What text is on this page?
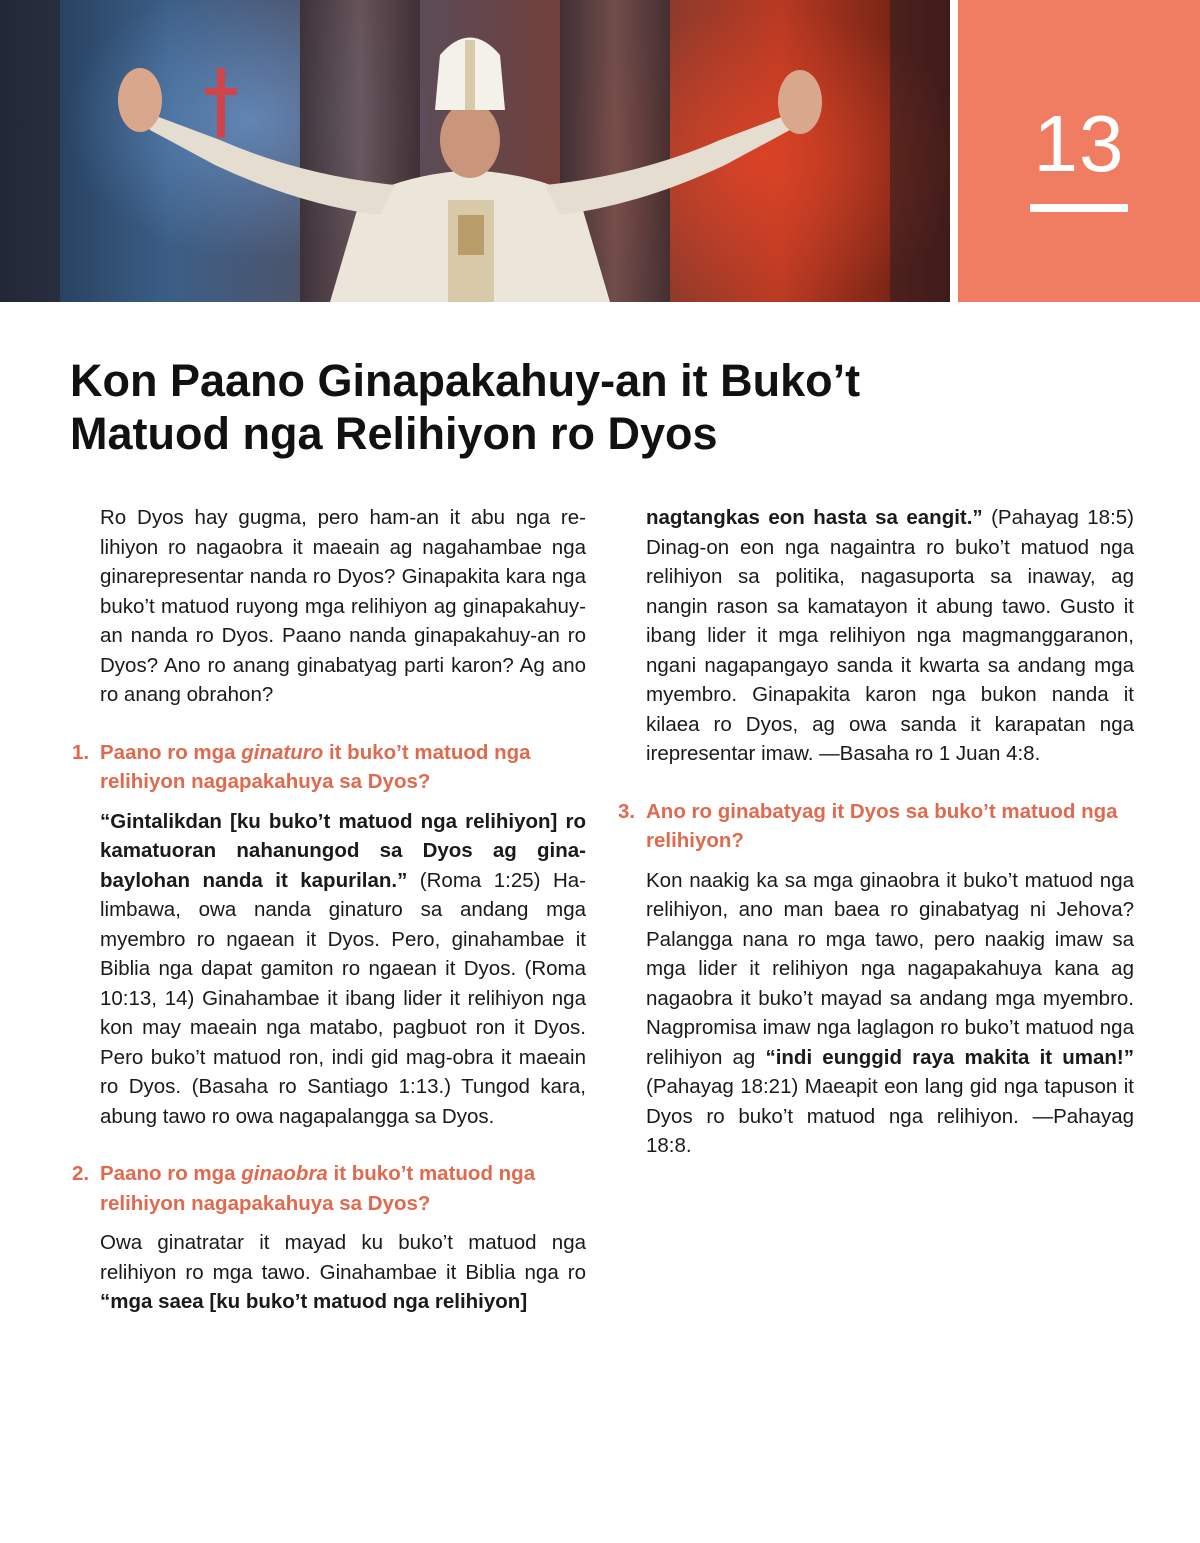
13
Kon Paano Ginapakahuy-an it Buko’t
Matuod nga Relihiyon ro Dyos

Ro Dyos hay gugma, pero ham-an it abu nga relihiyon ro nagaobra it maeain ag nagahambae nga ginarepresentar nanda ro Dyos? Ginapakita kara nga buko’t matuod ruyong mga relihiyon ag ginapakahuy-an nanda ro Dyos. Paano nanda ginapakahuy-an ro Dyos? Ano ro anang ginabatyag parti karon? Ag ano ro anang obrahon?

1. Paano ro mga ginaturo it buko’t matuod nga relihiyon nagapakahuya sa Dyos?

“Gintalikdan [ku buko’t matuod nga relihiyon] ro kamatuoran nahanungod sa Dyos ag ginabaylohan nanda it kapurilan.” (Roma 1:25) Halimbawa, owa nanda ginaturo sa andang mga myembro ro ngaean it Dyos. Pero, ginahambae it Biblia nga dapat gamiton ro ngaean it Dyos. (Roma 10:13, 14) Ginahambae it ibang lider it relihiyon nga kon may maeain nga matabo, pagbuot ron it Dyos. Pero buko’t matuod ron, indi gid mag-obra it maeain ro Dyos. (Basaha ro Santiago 1:13.) Tungod kara, abung tawo ro owa nagapalangga sa Dyos.

2. Paano ro mga ginaobra it buko’t matuod nga relihiyon nagapakahuya sa Dyos?

Owa ginatratar it mayad ku buko’t matuod nga relihiyon ro mga tawo. Ginahambae it Biblia nga ro “mga saea [ku buko’t matuod nga relihiyon]

nagtangkas eon hasta sa eangit.” (Pahayag 18:5) Dinag-on eon nga nagaintra ro buko’t matuod nga relihiyon sa politika, nagasuporta sa inaway, ag nangin rason sa kamatayon it abung tawo. Gusto it ibang lider it mga relihiyon nga magmanggaranon, ngani nagapangayo sanda it kwarta sa andang mga myembro. Ginapakita karon nga bukon nanda it kilaea ro Dyos, ag owa sanda it karapatan nga irepresentar imaw. —Basaha ro 1 Juan 4:8.

3. Ano ro ginabatyag it Dyos sa buko’t matuod nga relihiyon?

Kon naakig ka sa mga ginaobra it buko’t matuod nga relihiyon, ano man baea ro ginabatyag ni Jehova? Palangga nana ro mga tawo, pero naakig imaw sa mga lider it relihiyon nga nagapakahuya kana ag nagaobra it buko’t mayad sa andang mga myembro. Nagpromisa imaw nga laglagon ro buko’t matuod nga relihiyon ag “indi eunggid raya makita it uman!” (Pahayag 18:21) Maeapit eon lang gid nga tapuson it Dyos ro buko’t matuod nga relihiyon. —Pahayag 18:8.
